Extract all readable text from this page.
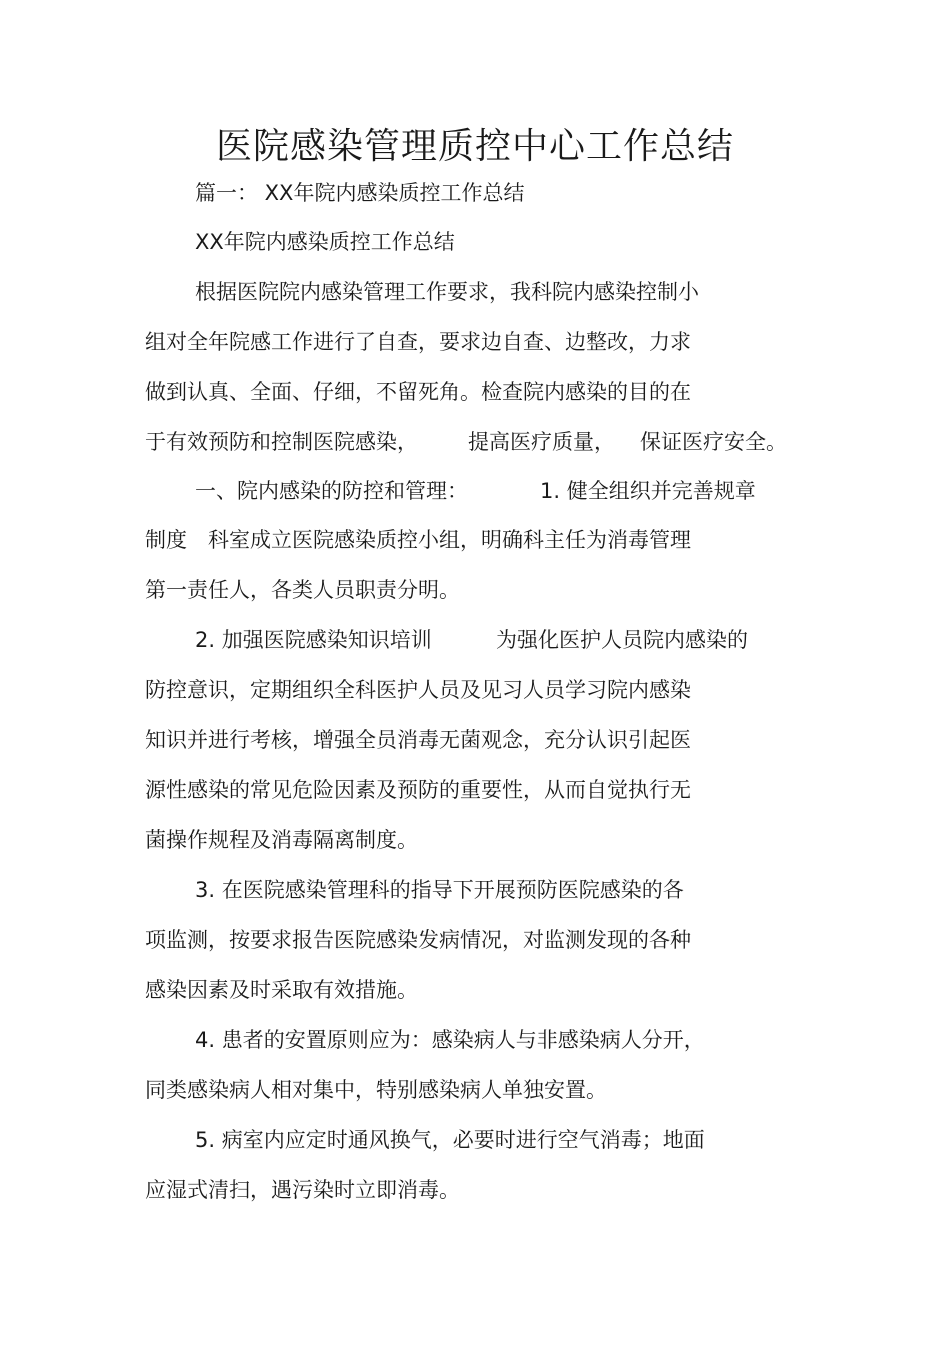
医院感染管理质控中心工作总结
篇一： XX年院内感染质控工作总结
XX年院内感染质控工作总结
根据医院院内感染管理工作要求，我科院内感染控制小
组对全年院感工作进行了自查，要求边自查、边整改，力求
做到认真、全面、仔细，不留死角。检查院内感染的目的在
于有效预防和控制医院感染， 提高医疗质量， 保证医疗安全。
一、院内感染的防控和管理：	1. 健全组织并完善规章
制度 科室成立医院感染质控小组，明确科主任为消毒管理
第一责任人，各类人员职责分明。
2. 加强医院感染知识培训	为强化医护人员院内感染的
防控意识，定期组织全科医护人员及见习人员学习院内感染
知识并进行考核，增强全员消毒无菌观念，充分认识引起医
源性感染的常见危险因素及预防的重要性，从而自觉执行无
菌操作规程及消毒隔离制度。
3. 在医院感染管理科的指导下开展预防医院感染的各
项监测，按要求报告医院感染发病情况，对监测发现的各种
感染因素及时采取有效措施。
4. 患者的安置原则应为：感染病人与非感染病人分开，
同类感染病人相对集中，特别感染病人单独安置。
5. 病室内应定时通风换气，必要时进行空气消毒；地面
应湿式清扫，遇污染时立即消毒。
